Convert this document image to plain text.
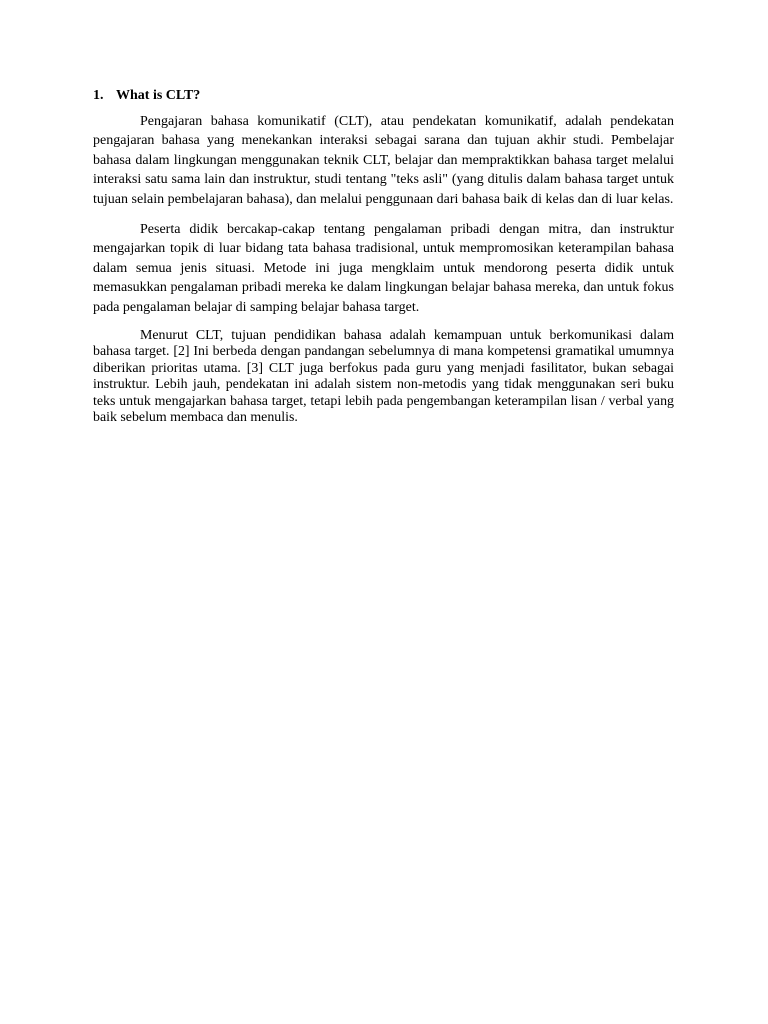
1. What is CLT?

Pengajaran bahasa komunikatif (CLT), atau pendekatan komunikatif, adalah pendekatan pengajaran bahasa yang menekankan interaksi sebagai sarana dan tujuan akhir studi. Pembelajar bahasa dalam lingkungan menggunakan teknik CLT, belajar dan mempraktikkan bahasa target melalui interaksi satu sama lain dan instruktur, studi tentang "teks asli" (yang ditulis dalam bahasa target untuk tujuan selain pembelajaran bahasa), dan melalui penggunaan dari bahasa baik di kelas dan di luar kelas.

Peserta didik bercakap-cakap tentang pengalaman pribadi dengan mitra, dan instruktur mengajarkan topik di luar bidang tata bahasa tradisional, untuk mempromosikan keterampilan bahasa dalam semua jenis situasi. Metode ini juga mengklaim untuk mendorong peserta didik untuk memasukkan pengalaman pribadi mereka ke dalam lingkungan belajar bahasa mereka, dan untuk fokus pada pengalaman belajar di samping belajar bahasa target.

Menurut CLT, tujuan pendidikan bahasa adalah kemampuan untuk berkomunikasi dalam bahasa target. [2] Ini berbeda dengan pandangan sebelumnya di mana kompetensi gramatikal umumnya diberikan prioritas utama. [3] CLT juga berfokus pada guru yang menjadi fasilitator, bukan sebagai instruktur. Lebih jauh, pendekatan ini adalah sistem non-metodis yang tidak menggunakan seri buku teks untuk mengajarkan bahasa target, tetapi lebih pada pengembangan keterampilan lisan / verbal yang baik sebelum membaca dan menulis.
